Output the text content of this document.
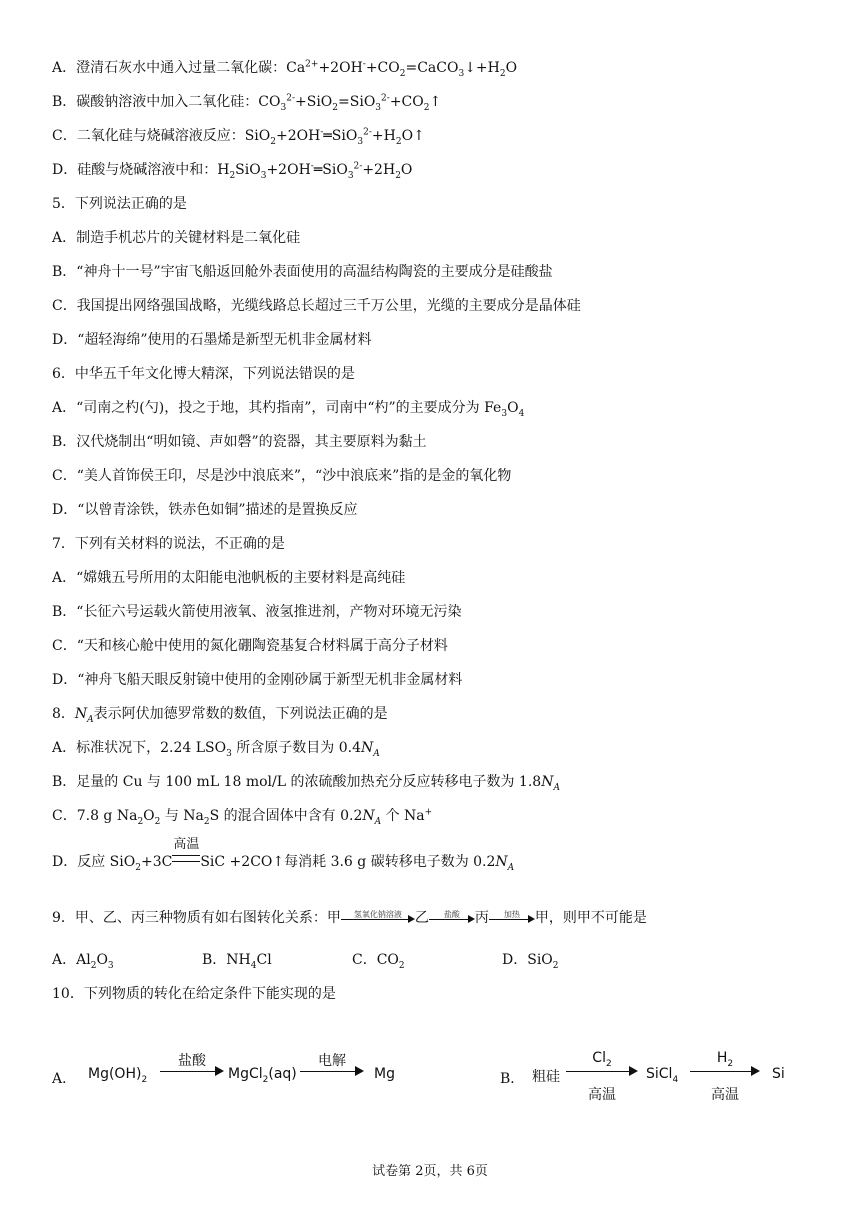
A．澄清石灰水中通入过量二氧化碳：$Ca^{2+}+2OH^-+CO_2=CaCO_3↓+H_2O$
B．碳酸钠溶液中加入二氧化硅：$CO_3^{2-}+SiO_2=SiO_3^{2-}+CO_2↑$
C．二氧化硅与烧碱溶液反应：$SiO_2+2OH^-═SiO_3^{2-}+H_2O↑$
D．硅酸与烧碱溶液中和：$H_2SiO_3+2OH^-═SiO_3^{2-}+2H_2O$
5．下列说法正确的是
A．制造手机芯片的关键材料是二氧化硅
B．“神舟十一号”宇宙飞船返回舱外表面使用的高温结构陶瓷的主要成分是硅酸盐
C．我国提出网络强国战略，光缆线路总长超过三千万公里，光缆的主要成分是晶体硅
D．“超轻海绵”使用的石墨烯是新型无机非金属材料
6．中华五千年文化博大精深，下列说法错误的是
A．“司南之杓(勺)，投之于地，其杓指南”，司南中“杓”的主要成分为 $Fe_3O_4$
B．汉代烧制出“明如镜、声如磬”的瓷器，其主要原料为黏土
C．“美人首饰侯王印，尽是沙中浪底来”，“沙中浪底来”指的是金的氧化物
D．“以曾青涂铁，铁赤色如铜”描述的是置换反应
7．下列有关材料的说法，不正确的是
A．“嫦娥五号所用的太阳能电池帆板的主要材料是高纯硅
B．“长征六号运载火箭使用液氧、液氢推进剂，产物对环境无污染
C．“天和核心舱中使用的氮化硼陶瓷基复合材料属于高分子材料
D．“神舟飞船天眼反射镜中使用的金刚砂属于新型无机非金属材料
8．$N_A$表示阿伏加德罗常数的数值，下列说法正确的是
A．标准状况下，2.24 $LSO_3$ 所含原子数目为 $0.4N_A$
B．足量的 Cu 与 100 mL 18 mol/L 的浓硫酸加热充分反应转移电子数为 $1.8N_A$
C．7.8 g $Na_2O_2$ 与 $Na_2S$ 的混合固体中含有 $0.2N_A$ 个 Na+
D．反应 SiO$_2$+3C
高温
SiC +2CO↑每消耗 3.6 g 碳转移电子数为 $0.2N_A$
9．甲、乙、丙三种物质有如右图转化关系：甲	氢氧化钠溶液 乙	盐酸	丙	加热	甲，则甲不可能是
A．$Al_2O_3$	B．$NH_4Cl$	C．$CO_2$	D．SiO$_2$
10．下列物质的转化在给定条件下能实现的是
A． $Mg(OH)_2$
盐酸
MgCl$_2$(aq)
电解
Mg	B． 粗硅
$Cl_2$
高温
SiCl$_4$
$H_2$
高温
Si
试卷第 2页，共 6页
